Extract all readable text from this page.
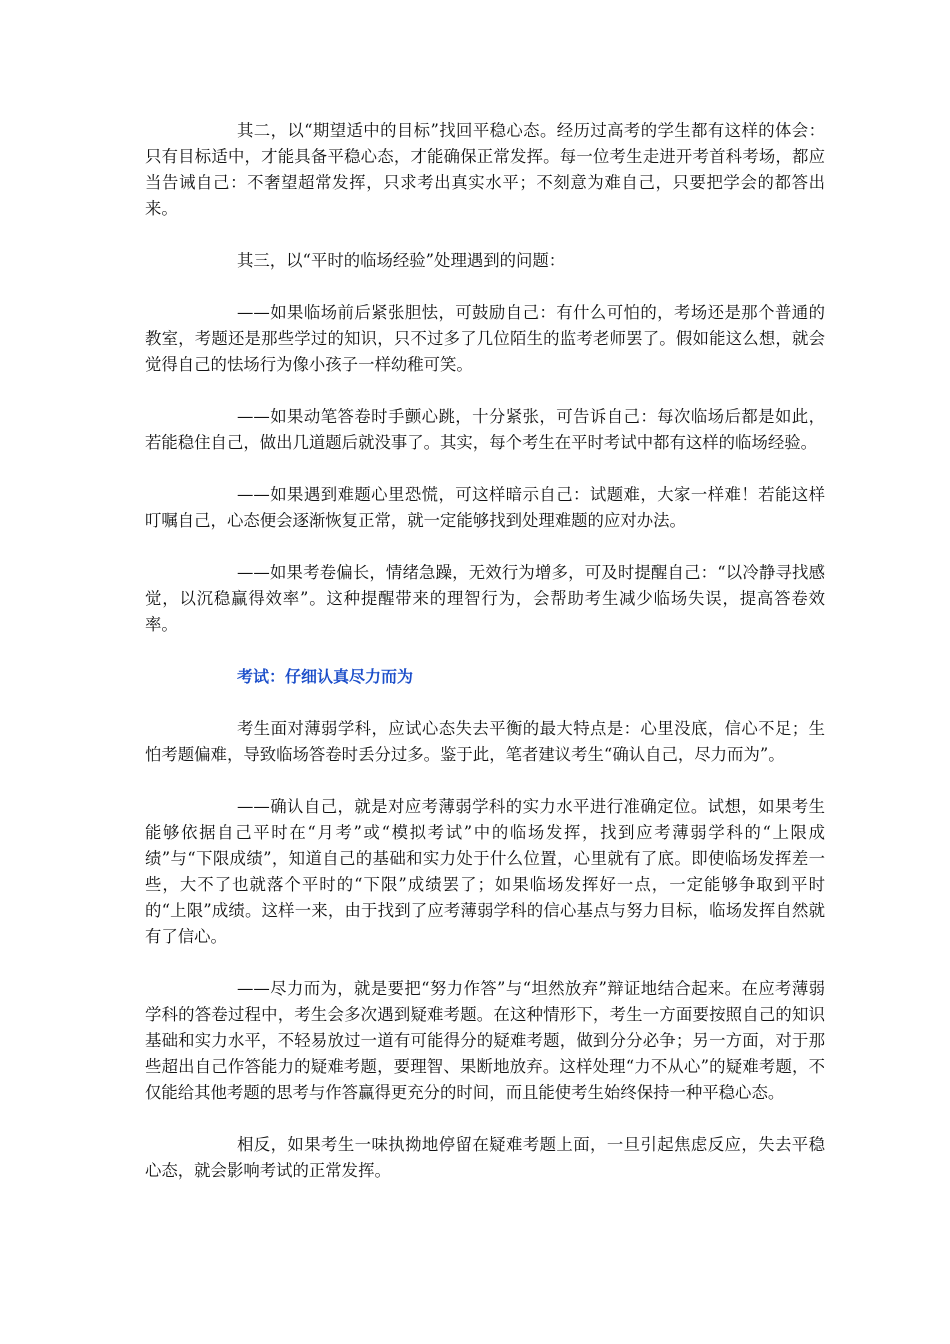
其二，以“期望适中的目标”找回平稳心态。经历过高考的学生都有这样的体会：只有目标适中，才能具备平稳心态，才能确保正常发挥。每一位考生走进开考首科考场，都应当告诫自己：不奢望超常发挥，只求考出真实水平；不刻意为难自己，只要把学会的都答出来。

其三，以“平时的临场经验”处理遇到的问题：

——如果临场前后紧张胆怯，可鼓励自己：有什么可怕的，考场还是那个普通的教室，考题还是那些学过的知识，只不过多了几位陌生的监考老师罢了。假如能这么想，就会觉得自己的怯场行为像小孩子一样幼稚可笑。

——如果动笔答卷时手颤心跳，十分紧张，可告诉自己：每次临场后都是如此，若能稳住自己，做出几道题后就没事了。其实，每个考生在平时考试中都有这样的临场经验。

——如果遇到难题心里恐慌，可这样暗示自己：试题难，大家一样难！若能这样叮嘱自己，心态便会逐渐恢复正常，就一定能够找到处理难题的应对办法。

——如果考卷偏长，情绪急躁，无效行为增多，可及时提醒自己：“以冷静寻找感觉，以沉稳赢得效率”。这种提醒带来的理智行为，会帮助考生减少临场失误，提高答卷效率。

考试：仔细认真尽力而为

考生面对薄弱学科，应试心态失去平衡的最大特点是：心里没底，信心不足；生怕考题偏难，导致临场答卷时丢分过多。鉴于此，笔者建议考生“确认自己，尽力而为”。

——确认自己，就是对应考薄弱学科的实力水平进行准确定位。试想，如果考生能够依据自己平时在“月考”或“模拟考试”中的临场发挥，找到应考薄弱学科的“上限成绩”与“下限成绩”，知道自己的基础和实力处于什么位置，心里就有了底。即使临场发挥差一些，大不了也就落个平时的“下限”成绩罢了；如果临场发挥好一点，一定能够争取到平时的“上限”成绩。这样一来，由于找到了应考薄弱学科的信心基点与努力目标，临场发挥自然就有了信心。

——尽力而为，就是要把“努力作答”与“坦然放弃”辩证地结合起来。在应考薄弱学科的答卷过程中，考生会多次遇到疑难考题。在这种情形下，考生一方面要按照自己的知识基础和实力水平，不轻易放过一道有可能得分的疑难考题，做到分分必争；另一方面，对于那些超出自己作答能力的疑难考题，要理智、果断地放弃。这样处理“力不从心”的疑难考题，不仅能给其他考题的思考与作答赢得更充分的时间，而且能使考生始终保持一种平稳心态。

相反，如果考生一味执拗地停留在疑难考题上面，一旦引起焦虑反应，失去平稳心态，就会影响考试的正常发挥。
